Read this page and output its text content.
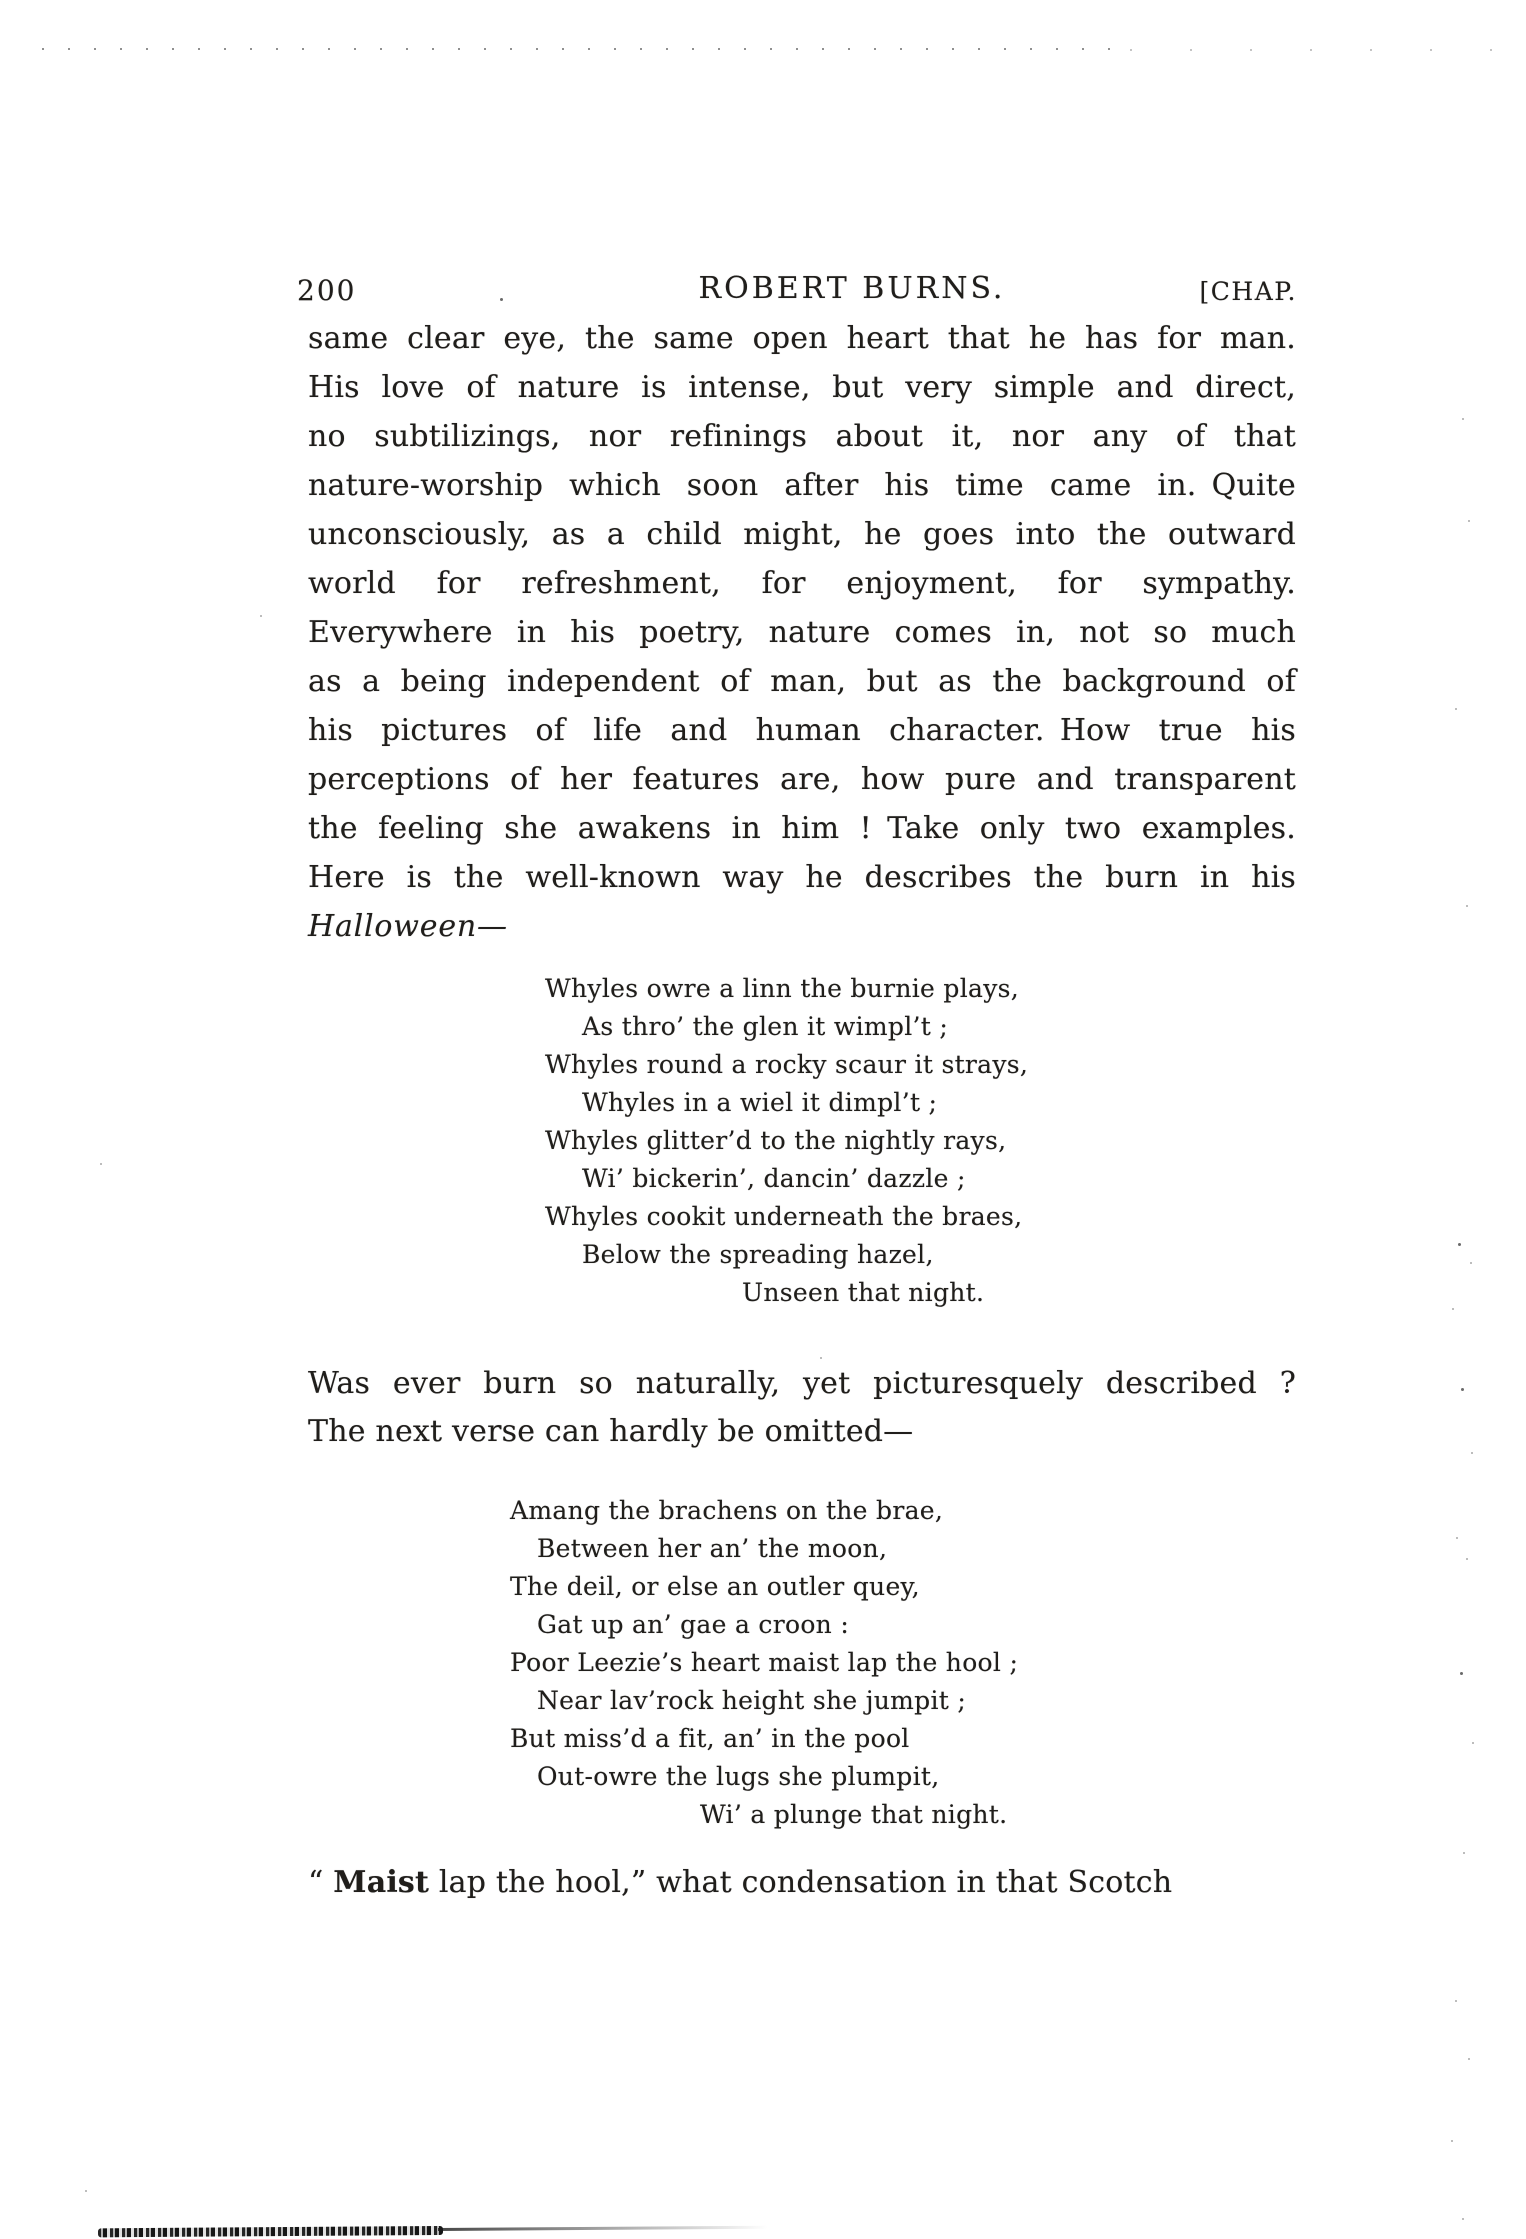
200	ROBERT BURNS.	[CHAP.
same clear eye, the same open heart that he has for man.
His love of nature is intense, but very simple and direct,
no subtilizings, nor refinings about it, nor any of that
nature-worship which soon after his time came in. Quite
unconsciously, as a child might, he goes into the outward
world for refreshment, for enjoyment, for sympathy.
Everywhere in his poetry, nature comes in, not so much
as a being independent of man, but as the background of
his pictures of life and human character. How true his
perceptions of her features are, how pure and transparent
the feeling she awakens in him ! Take only two examples.
Here is the well-known way he describes the burn in his
Halloween—
Whyles owre a linn the burnie plays,
As thro’ the glen it wimpl’t ;
Whyles round a rocky scaur it strays,
Whyles in a wiel it dimpl’t ;
Whyles glitter’d to the nightly rays,
Wi’ bickerin’, dancin’ dazzle ;
Whyles cookit underneath the braes,
Below the spreading hazel,
Unseen that night.
Was ever burn so naturally, yet picturesquely described ?
The next verse can hardly be omitted—
Amang the brachens on the brae,
Between her an’ the moon,
The deil, or else an outler quey,
Gat up an’ gae a croon :
Poor Leezie’s heart maist lap the hool ;
Near lav’rock height she jumpit ;
But miss’d a fit, an’ in the pool
Out-owre the lugs she plumpit,
Wi’ a plunge that night.
“ Maist lap the hool,” what condensation in that Scotch
